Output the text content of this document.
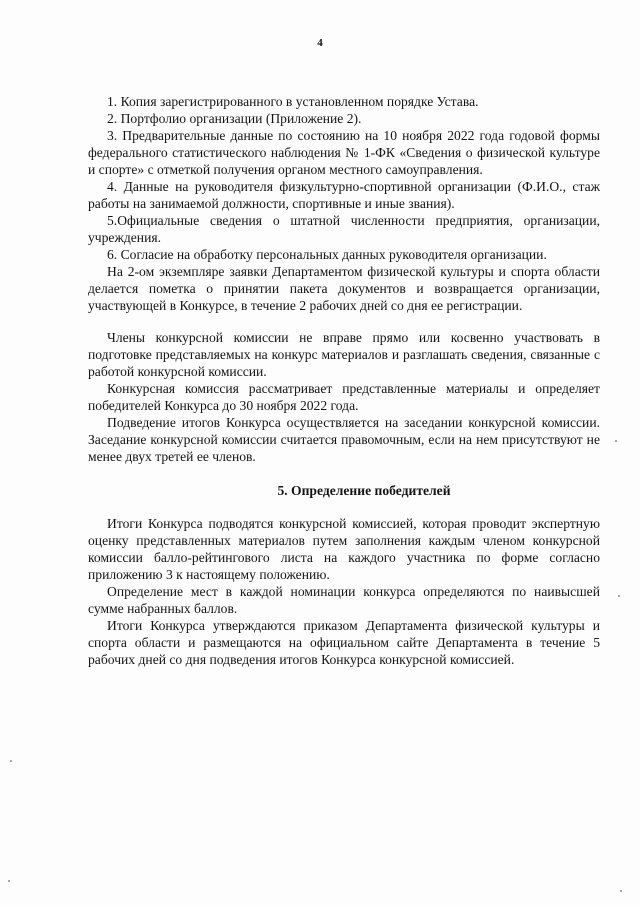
4

1. Копия зарегистрированного в установленном порядке Устава.

2. Портфолио организации (Приложение 2).

3. Предварительные данные по состоянию на 10 ноября 2022 года годовой формы федерального статистического наблюдения № 1-ФК «Сведения о физической культуре и спорте» с отметкой получения органом местного самоуправления.

4. Данные на руководителя физкультурно-спортивной организации (Ф.И.О., стаж работы на занимаемой должности, спортивные и иные звания).

5.Официальные сведения о штатной численности предприятия, организации, учреждения.

6. Согласие на обработку персональных данных руководителя организации.

На 2-ом экземпляре заявки Департаментом физической культуры и спорта области делается пометка о принятии пакета документов и возвращается организации, участвующей в Конкурсе, в течение 2 рабочих дней со дня ее регистрации.

Члены конкурсной комиссии не вправе прямо или косвенно участвовать в подготовке представляемых на конкурс материалов и разглашать сведения, связанные с работой конкурсной комиссии.

Конкурсная комиссия рассматривает представленные материалы и определяет победителей Конкурса до 30 ноября 2022 года.

Подведение итогов Конкурса осуществляется на заседании конкурсной комиссии. Заседание конкурсной комиссии считается правомочным, если на нем присутствуют не менее двух третей ее членов.

5. Определение победителей

Итоги Конкурса подводятся конкурсной комиссией, которая проводит экспертную оценку представленных материалов путем заполнения каждым членом конкурсной комиссии балло-рейтингового листа на каждого участника по форме согласно приложению 3 к настоящему положению.

Определение мест в каждой номинации конкурса определяются по наивысшей сумме набранных баллов.

Итоги Конкурса утверждаются приказом Департамента физической культуры и спорта области и размещаются на официальном сайте Департамента в течение 5 рабочих дней со дня подведения итогов Конкурса конкурсной комиссией.
